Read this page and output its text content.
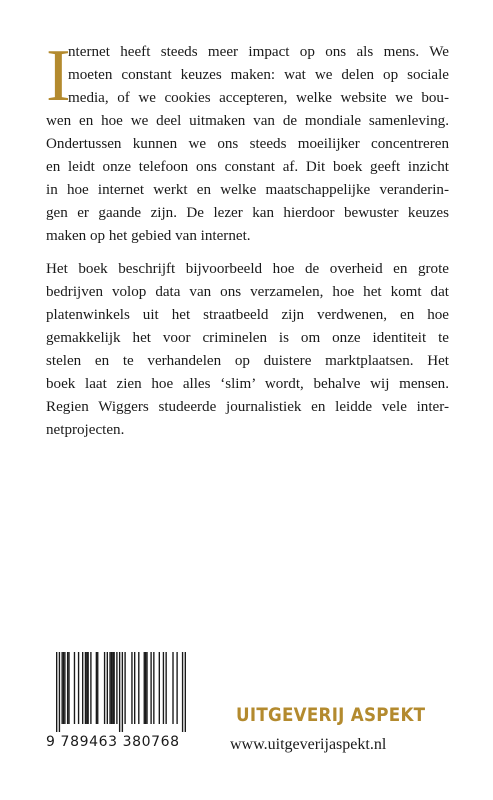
I
nternet heeft steeds meer impact op ons als mens. We
moeten constant keuzes maken: wat we delen op sociale
media, of we cookies accepteren, welke website we bou-
wen en hoe we deel uitmaken van de mondiale samenleving.
Ondertussen kunnen we ons steeds moeilijker concentreren
en leidt onze telefoon ons constant af. Dit boek geeft inzicht
in hoe internet werkt en welke maatschappelijke veranderin-
gen er gaande zijn. De lezer kan hierdoor bewuster keuzes
maken op het gebied van internet.
Het boek beschrijft bijvoorbeeld hoe de overheid en grote
bedrijven volop data van ons verzamelen, hoe het komt dat
platenwinkels uit het straatbeeld zijn verdwenen, en hoe
gemakkelijk het voor criminelen is om onze identiteit te
stelen en te verhandelen op duistere marktplaatsen. Het
boek laat zien hoe alles ‘slim’ wordt, behalve wij mensen.
Regien Wiggers studeerde journalistiek en leidde vele inter-
netprojecten.
9 789463 380768
UITGEVERIJ ASPEKT
www.uitgeverijaspekt.nl
